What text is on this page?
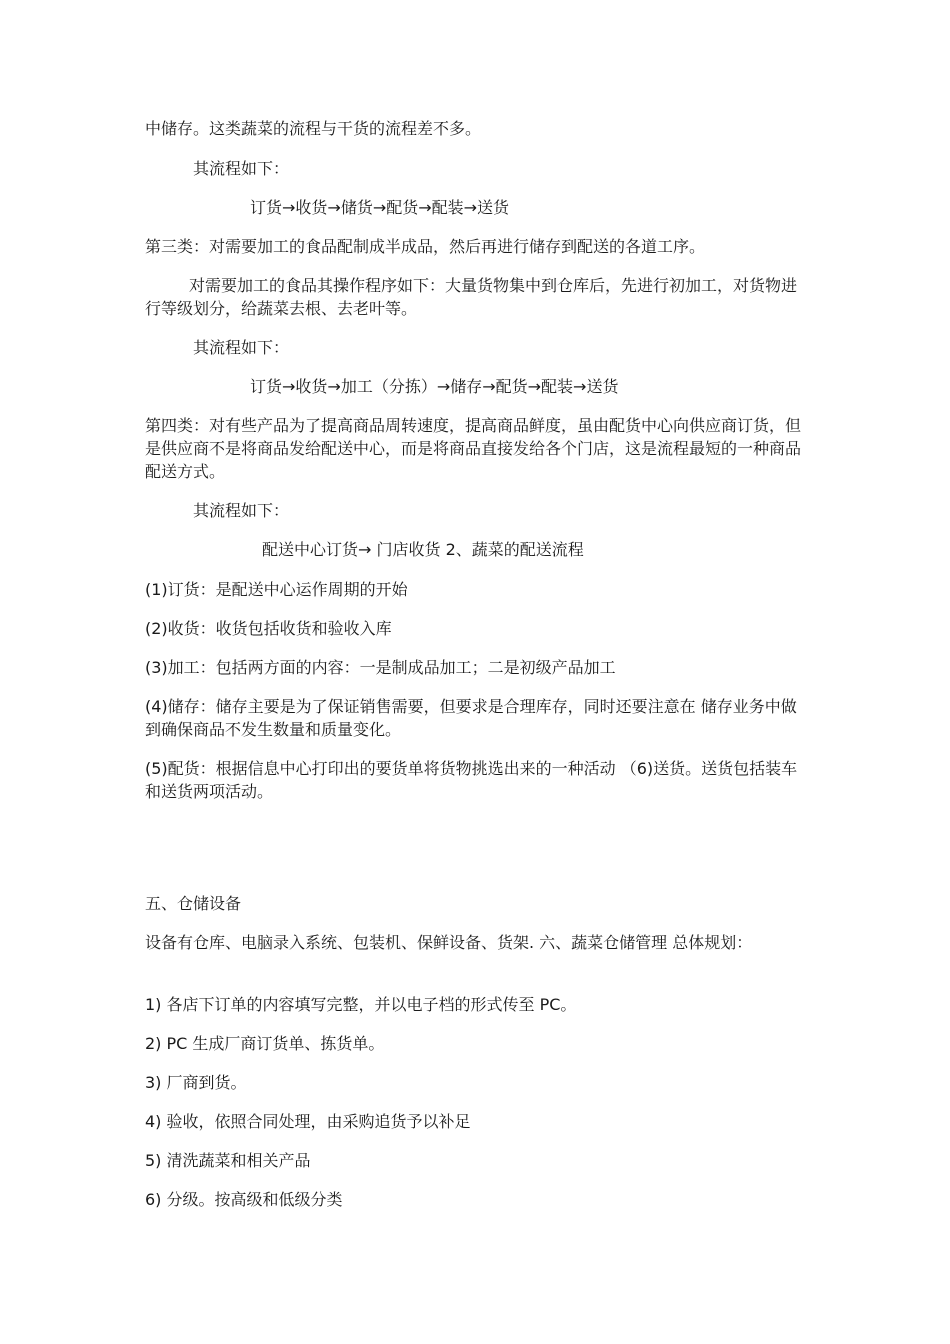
中储存。这类蔬菜的流程与干货的流程差不多。

其流程如下：

订货→收货→储货→配货→配装→送货

第三类：对需要加工的食品配制成半成品，然后再进行储存到配送的各道工序。

对需要加工的食品其操作程序如下：大量货物集中到仓库后，先进行初加工，对货物进行等级划分，给蔬菜去根、去老叶等。

其流程如下：

订货→收货→加工（分拣）→储存→配货→配装→送货

第四类：对有些产品为了提高商品周转速度，提高商品鲜度，虽由配货中心向供应商订货，但是供应商不是将商品发给配送中心，而是将商品直接发给各个门店，这是流程最短的一种商品配送方式。

其流程如下：

配送中心订货→ 门店收货 2、蔬菜的配送流程

(1)订货：是配送中心运作周期的开始

(2)收货：收货包括收货和验收入库

(3)加工：包括两方面的内容：一是制成品加工；二是初级产品加工

(4)储存：储存主要是为了保证销售需要，但要求是合理库存，同时还要注意在 储存业务中做到确保商品不发生数量和质量变化。

(5)配货：根据信息中心打印出的要货单将货物挑选出来的一种活动 （6)送货。送货包括装车和送货两项活动。

五、仓储设备

设备有仓库、电脑录入系统、包装机、保鲜设备、货架. 六、蔬菜仓储管理 总体规划：

1) 各店下订单的内容填写完整，并以电子档的形式传至 PC。

2) PC 生成厂商订货单、拣货单。

3) 厂商到货。

4) 验收，依照合同处理，由采购追货予以补足

5) 清洗蔬菜和相关产品

6) 分级。按高级和低级分类
